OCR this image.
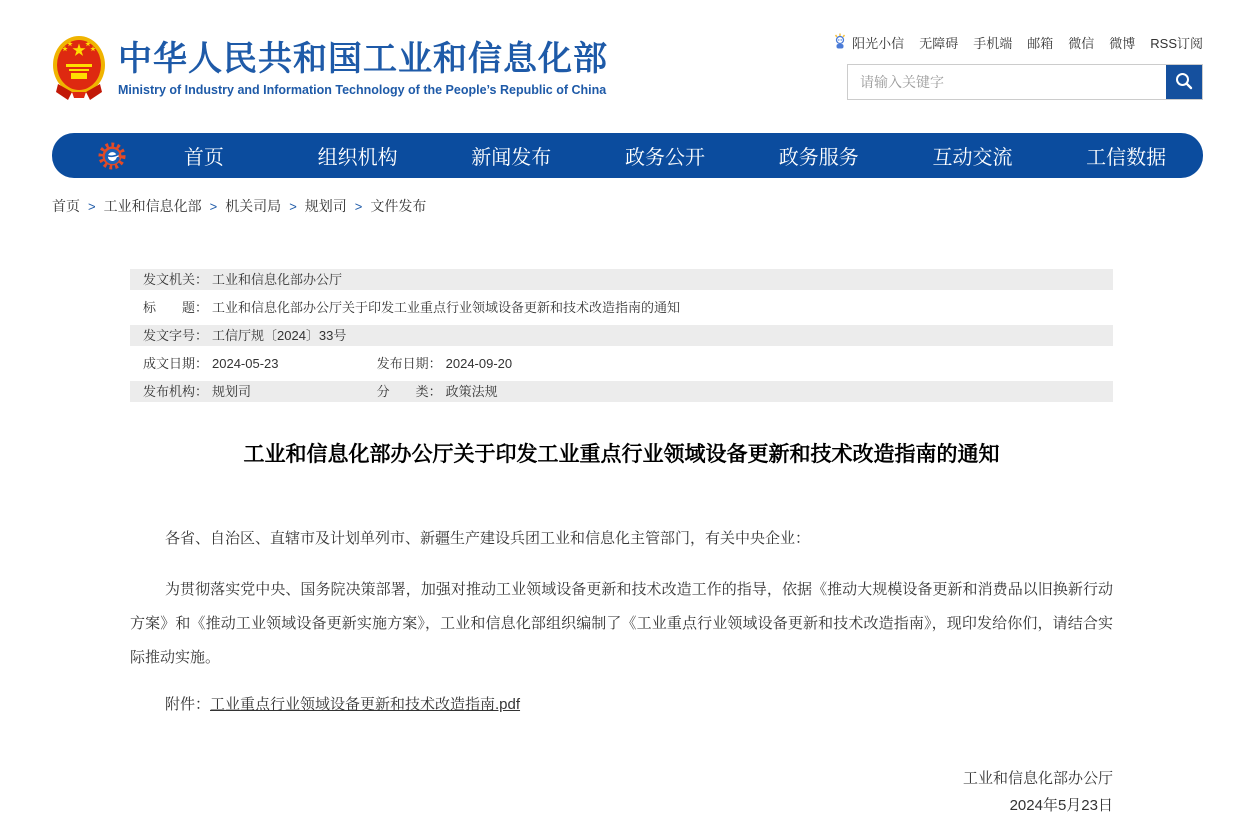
★
★	★
★ ★ 中华人民共和国工业和信息化部
Ministry of Industry and Information Technology of the People’s Republic of China
阳光小信 无障碍 手机端 邮箱 微信 微博 RSS订阅
请输入关键字
首页	组织机构	新闻发布	政务公开	政务服务	互动交流	工信数据
首页 > 工业和信息化部 > 机关司局 > 规划司 > 文件发布
发文机关： 工业和信息化部办公厅
标　　题： 工业和信息化部办公厅关于印发工业重点行业领域设备更新和技术改造指南的通知
发文字号： 工信厅规〔2024〕33号
成文日期： 2024-05-23	发布日期： 2024-09-20
发布机构： 规划司	分　　类： 政策法规
工业和信息化部办公厅关于印发工业重点行业领域设备更新和技术改造指南的通知

各省、自治区、直辖市及计划单列市、新疆生产建设兵团工业和信息化主管部门，有关中央企业：

为贯彻落实党中央、国务院决策部署，加强对推动工业领域设备更新和技术改造工作的指导，依据《推动大规模设备更新和消费品以旧换新行动方案》和《推动工业领域设备更新实施方案》，工业和信息化部组织编制了《工业重点行业领域设备更新和技术改造指南》，现印发给你们，请结合实际推动实施。

附件：工业重点行业领域设备更新和技术改造指南.pdf
工业和信息化部办公厅
2024年5月23日
